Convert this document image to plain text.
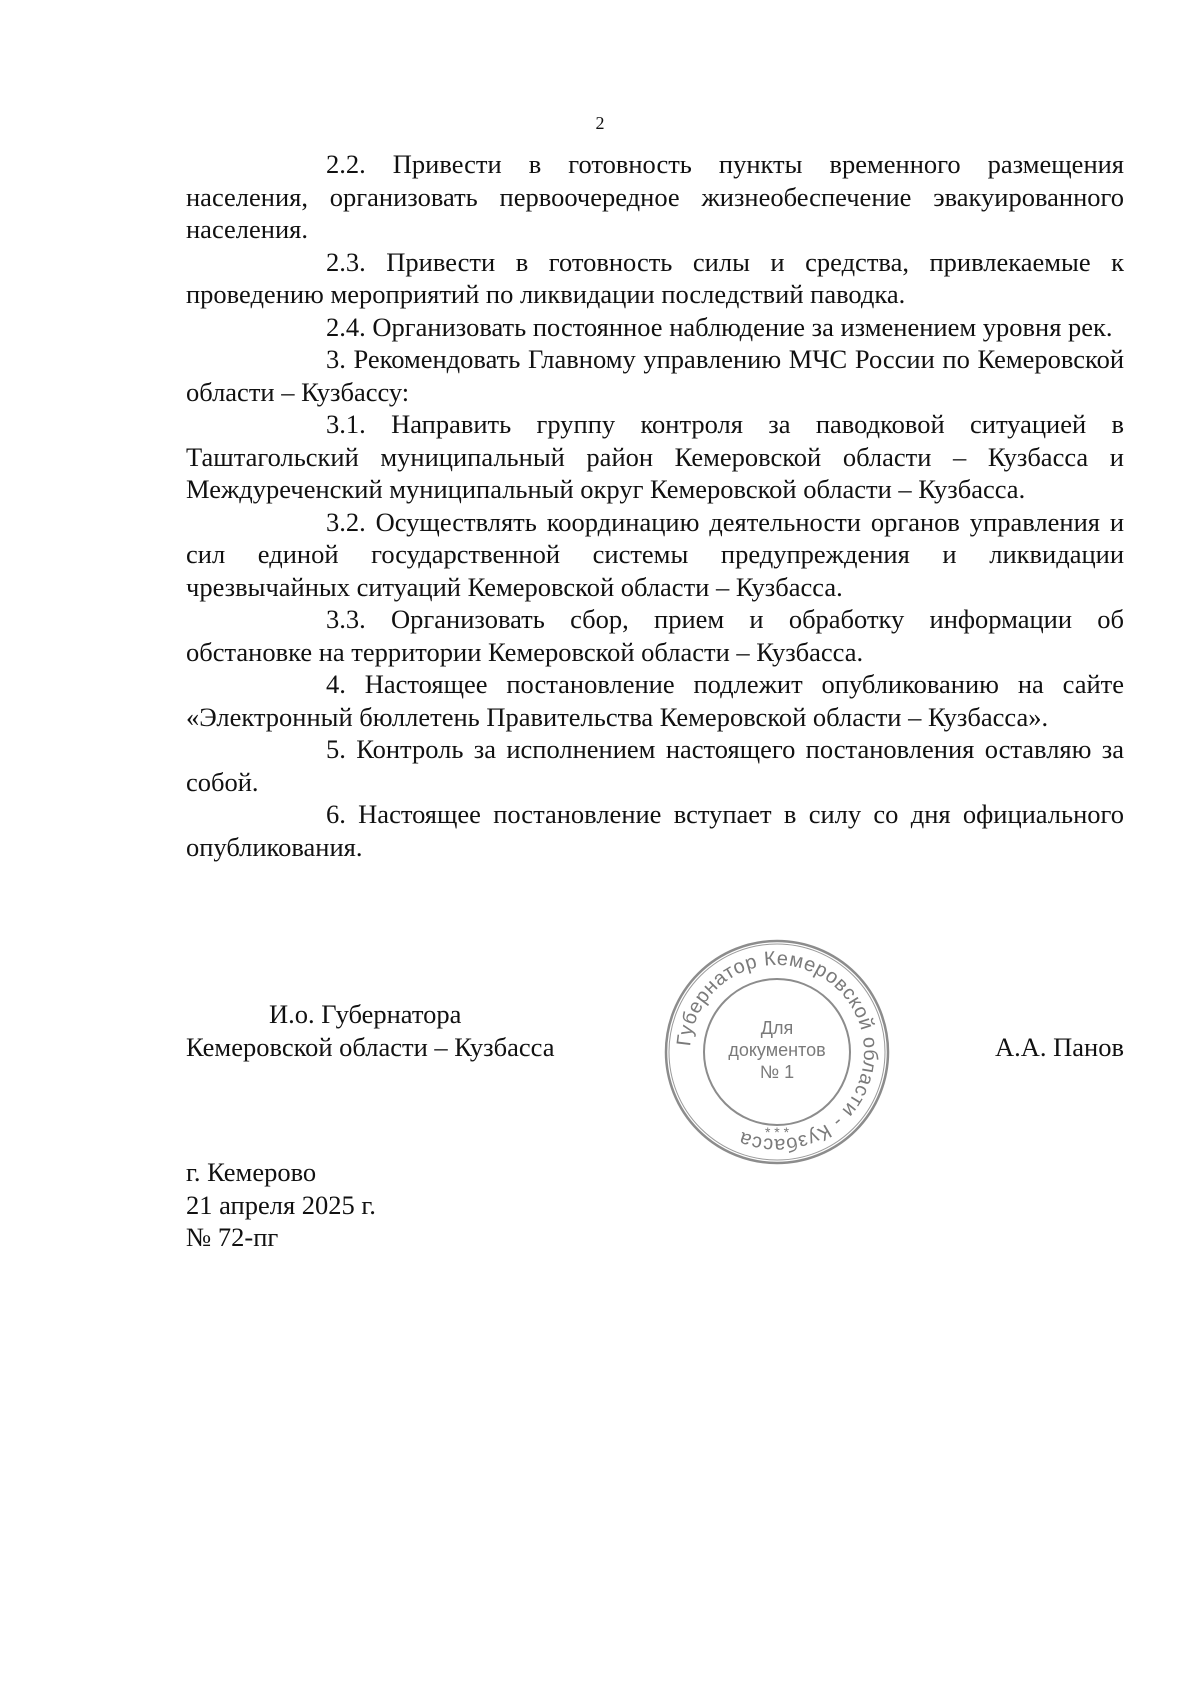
2

2.2. Привести в готовность пункты временного размещения населения, организовать первоочередное жизнеобеспечение эвакуированного населения.

2.3. Привести в готовность силы и средства, привлекаемые к проведению мероприятий по ликвидации последствий паводка.

2.4. Организовать постоянное наблюдение за изменением уровня рек.

3. Рекомендовать Главному управлению МЧС России по Кемеровской области – Кузбассу:

3.1. Направить группу контроля за паводковой ситуацией в Таштагольский муниципальный район Кемеровской области – Кузбасса и Междуреченский муниципальный округ Кемеровской области – Кузбасса.

3.2. Осуществлять координацию деятельности органов управления и сил единой государственной системы предупреждения и ликвидации чрезвычайных ситуаций Кемеровской области – Кузбасса.

3.3. Организовать сбор, прием и обработку информации об обстановке на территории Кемеровской области – Кузбасса.

4. Настоящее постановление подлежит опубликованию на сайте «Электронный бюллетень Правительства Кемеровской области – Кузбасса».

5. Контроль за исполнением настоящего постановления оставляю за собой.

6. Настоящее постановление вступает в силу со дня официального опубликования.

И.о. Губернатора
Кемеровской области – Кузбасса	Губернатор Кемеровской области - Кузбасса
Для
документов
№ 1
* * *
А.А. Панов
г. Кемерово
21 апреля 2025 г.
№ 72-пг
